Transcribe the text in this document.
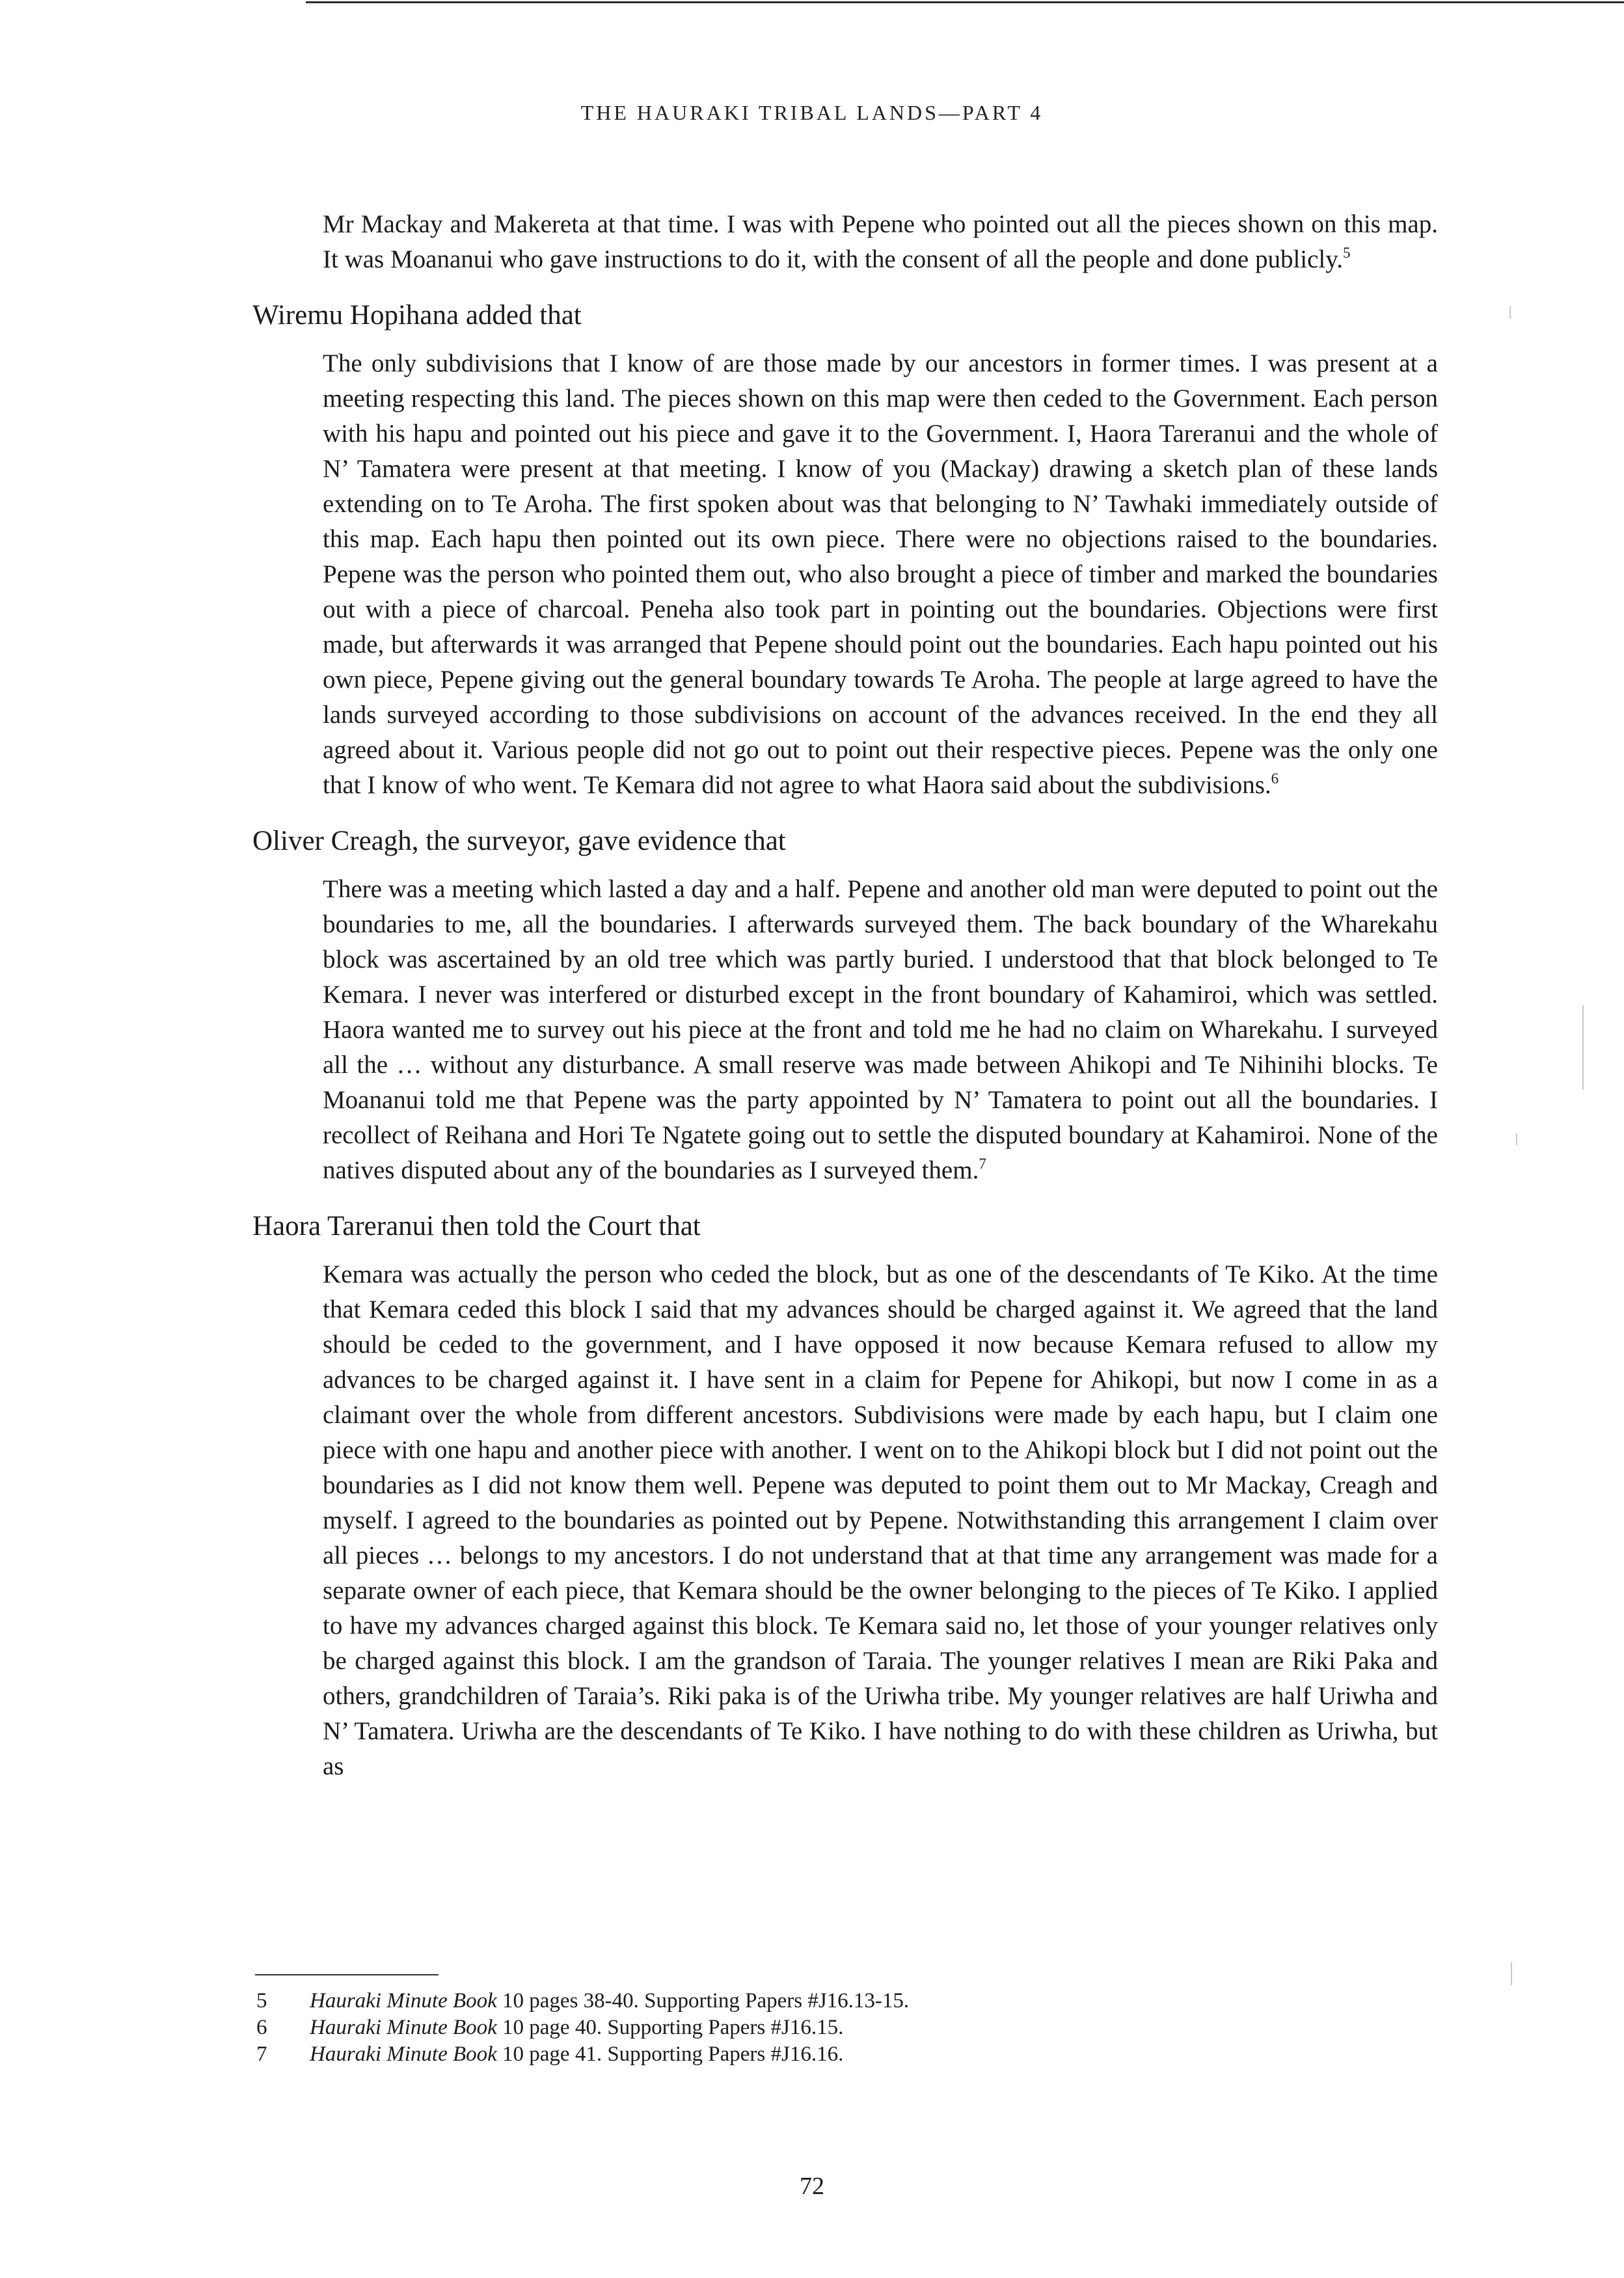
THE HAURAKI TRIBAL LANDS—PART 4

Mr Mackay and Makereta at that time. I was with Pepene who pointed out all the pieces shown on this map. It was Moananui who gave instructions to do it, with the consent of all the people and done publicly.$^5$

Wiremu Hopihana added that

The only subdivisions that I know of are those made by our ancestors in former times. I was present at a meeting respecting this land. The pieces shown on this map were then ceded to the Government. Each person with his hapu and pointed out his piece and gave it to the Government. I, Haora Tareranui and the whole of N’ Tamatera were present at that meeting. I know of you (Mackay) drawing a sketch plan of these lands extending on to Te Aroha. The first spoken about was that belonging to N’ Tawhaki immediately outside of this map. Each hapu then pointed out its own piece. There were no objections raised to the boundaries. Pepene was the person who pointed them out, who also brought a piece of timber and marked the boundaries out with a piece of charcoal. Peneha also took part in pointing out the boundaries. Objections were first made, but afterwards it was arranged that Pepene should point out the boundaries. Each hapu pointed out his own piece, Pepene giving out the general boundary towards Te Aroha. The people at large agreed to have the lands surveyed according to those subdivisions on account of the advances received. In the end they all agreed about it. Various people did not go out to point out their respective pieces. Pepene was the only one that I know of who went. Te Kemara did not agree to what Haora said about the subdivisions.$^6$

Oliver Creagh, the surveyor, gave evidence that

There was a meeting which lasted a day and a half. Pepene and another old man were deputed to point out the boundaries to me, all the boundaries. I afterwards surveyed them. The back boundary of the Wharekahu block was ascertained by an old tree which was partly buried. I understood that that block belonged to Te Kemara. I never was interfered or disturbed except in the front boundary of Kahamiroi, which was settled. Haora wanted me to survey out his piece at the front and told me he had no claim on Wharekahu. I surveyed all the … without any disturbance. A small reserve was made between Ahikopi and Te Nihinihi blocks. Te Moananui told me that Pepene was the party appointed by N’ Tamatera to point out all the boundaries. I recollect of Reihana and Hori Te Ngatete going out to settle the disputed boundary at Kahamiroi. None of the natives disputed about any of the boundaries as I surveyed them.$^7$

Haora Tareranui then told the Court that

Kemara was actually the person who ceded the block, but as one of the descendants of Te Kiko. At the time that Kemara ceded this block I said that my advances should be charged against it. We agreed that the land should be ceded to the government, and I have opposed it now because Kemara refused to allow my advances to be charged against it. I have sent in a claim for Pepene for Ahikopi, but now I come in as a claimant over the whole from different ancestors. Subdivisions were made by each hapu, but I claim one piece with one hapu and another piece with another. I went on to the Ahikopi block but I did not point out the boundaries as I did not know them well. Pepene was deputed to point them out to Mr Mackay, Creagh and myself. I agreed to the boundaries as pointed out by Pepene. Notwithstanding this arrangement I claim over all pieces … belongs to my ancestors. I do not understand that at that time any arrangement was made for a separate owner of each piece, that Kemara should be the owner belonging to the pieces of Te Kiko. I applied to have my advances charged against this block. Te Kemara said no, let those of your younger relatives only be charged against this block. I am the grandson of Taraia. The younger relatives I mean are Riki Paka and others, grandchildren of Taraia’s. Riki paka is of the Uriwha tribe. My younger relatives are half Uriwha and N’ Tamatera. Uriwha are the descendants of Te Kiko. I have nothing to do with these children as Uriwha, but as

5	Hauraki Minute Book 10 pages 38-40. Supporting Papers #J16.13-15.
6	Hauraki Minute Book 10 page 40. Supporting Papers #J16.15.
7	Hauraki Minute Book 10 page 41. Supporting Papers #J16.16.
72
